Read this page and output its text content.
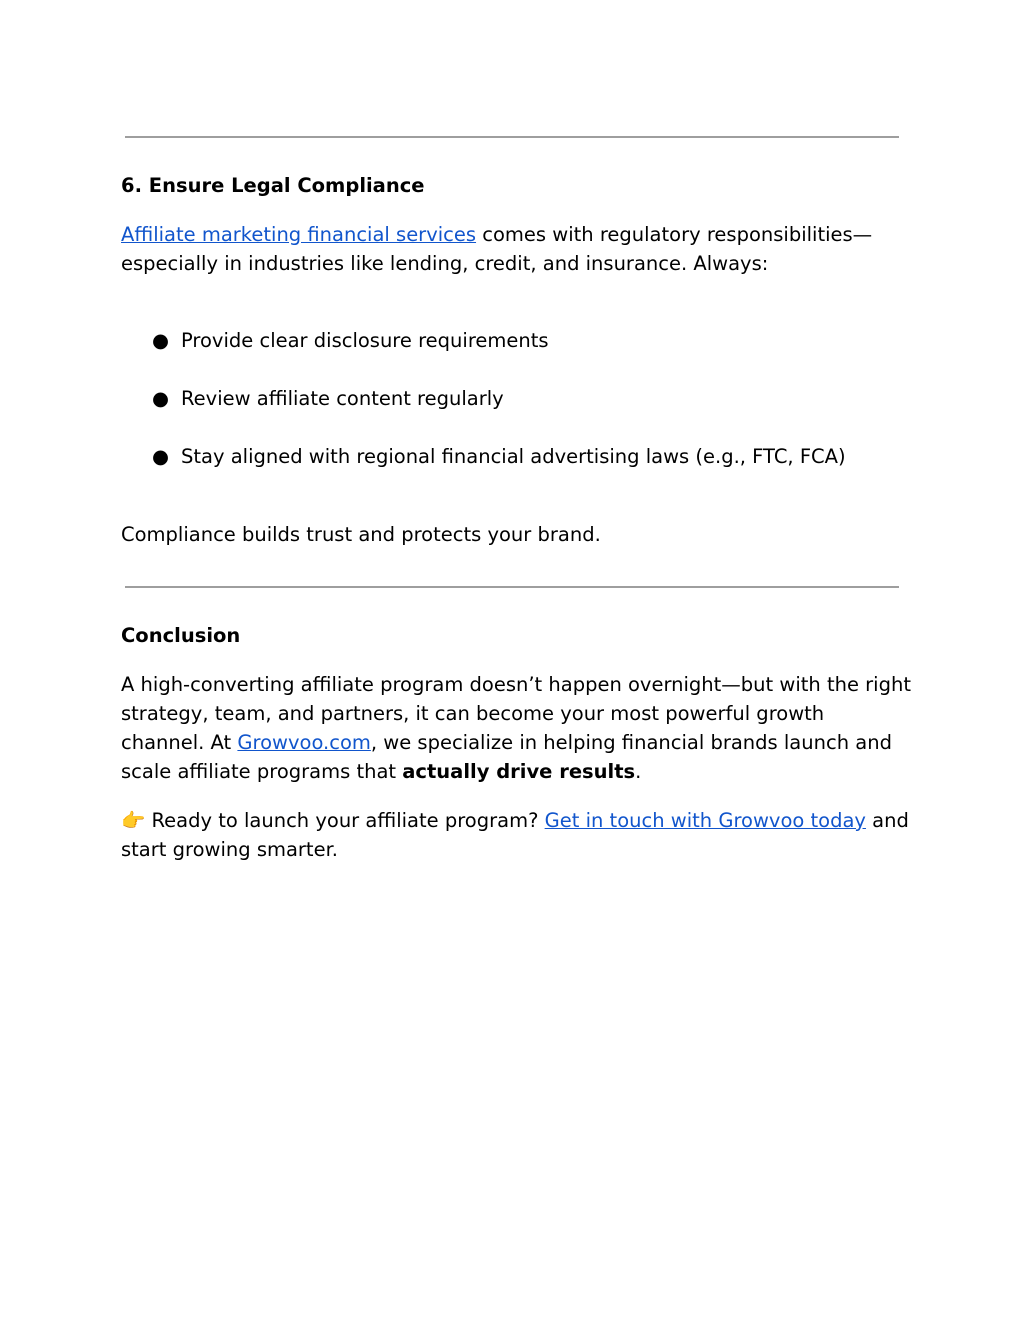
6. Ensure Legal Compliance

Affiliate marketing financial services comes with regulatory responsibilities—especially in industries like lending, credit, and insurance. Always:

● Provide clear disclosure requirements
● Review affiliate content regularly
● Stay aligned with regional financial advertising laws (e.g., FTC, FCA)

Compliance builds trust and protects your brand.

Conclusion

A high-converting affiliate program doesn’t happen overnight—but with the right strategy, team, and partners, it can become your most powerful growth channel. At Growvoo.com, we specialize in helping financial brands launch and scale affiliate programs that actually drive results.

👉 Ready to launch your affiliate program? Get in touch with Growvoo today and start growing smarter.
